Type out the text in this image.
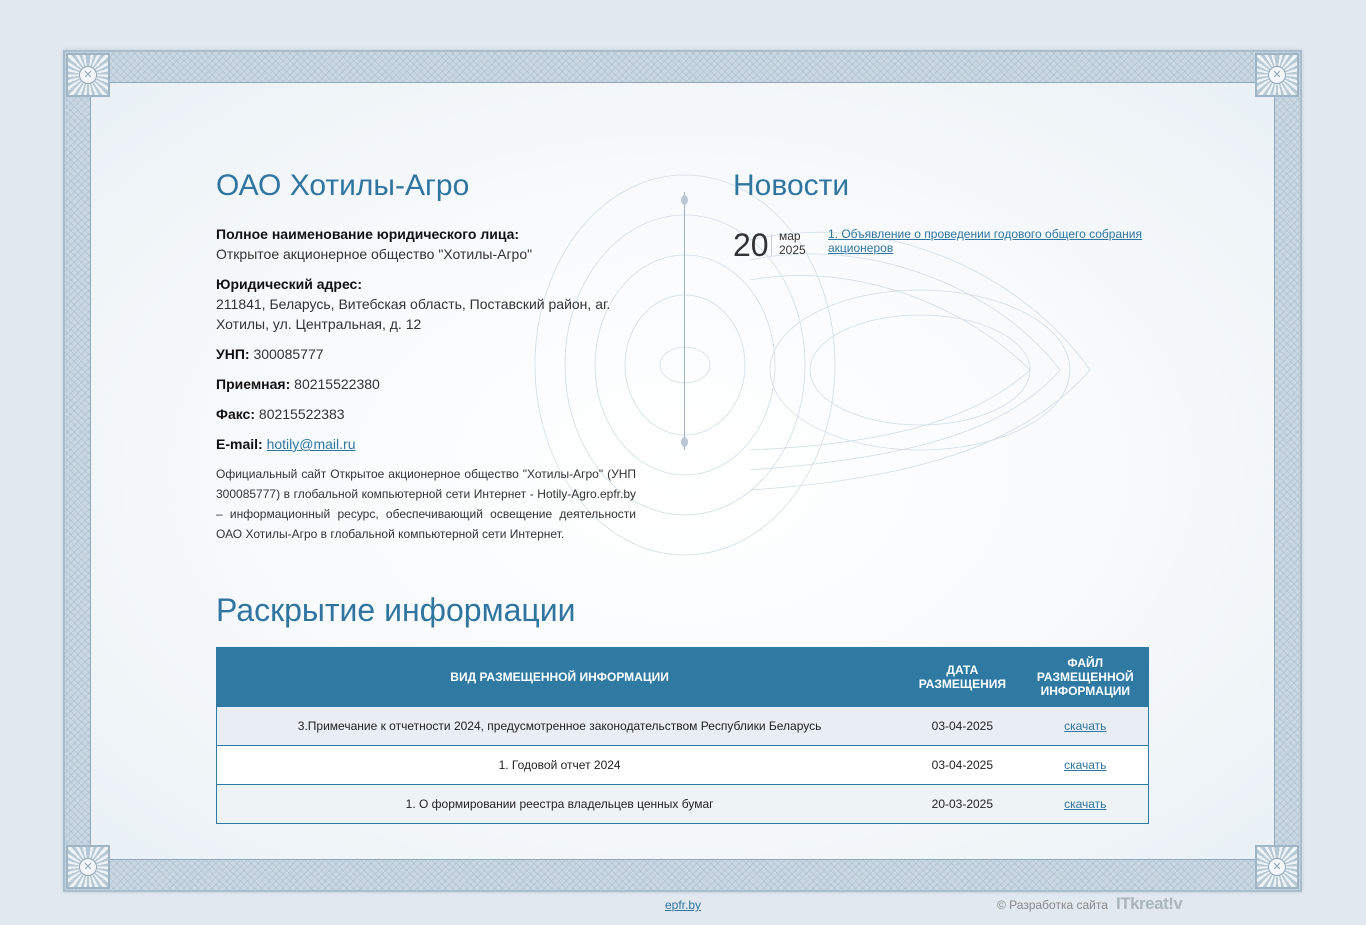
✕	✕
✕	✕
ОАО Хотилы-Агро
Полное наименование юридического лица:
Открытое акционерное общество "Хотилы-Агро"
Юридический адрес:
211841, Беларусь, Витебская область, Поставский район, аг. Хотилы, ул. Центральная, д. 12
УНП: 300085777
Приемная: 80215522380
Факс: 80215522383
E-mail: hotily@mail.ru
Официальный сайт Открытое акционерное общество "Хотилы-Агро" (УНП 300085777) в глобальной компьютерной сети Интернет - Hotily-Agro.epfr.by – информационный ресурс, обеспечивающий освещение деятельности ОАО Хотилы-Агро в глобальной компьютерной сети Интернет.
Новости
20 мар
2025
1. Объявление о проведении годового общего собрания акционеров
Раскрытие информации
ВИД РАЗМЕЩЕННОЙ ИНФОРМАЦИИ	ДАТА РАЗМЕЩЕНИЯ	ФАЙЛ РАЗМЕЩЕННОЙ ИНФОРМАЦИИ
3.Примечание к отчетности 2024, предусмотренное законодательством Республики Беларусь	03-04-2025	скачать
1. Годовой отчет 2024	03-04-2025	скачать
1. О формировании реестра владельцев ценных бумаг	20-03-2025	скачать
epfr.by	© Разработка сайта ITkreat!v
